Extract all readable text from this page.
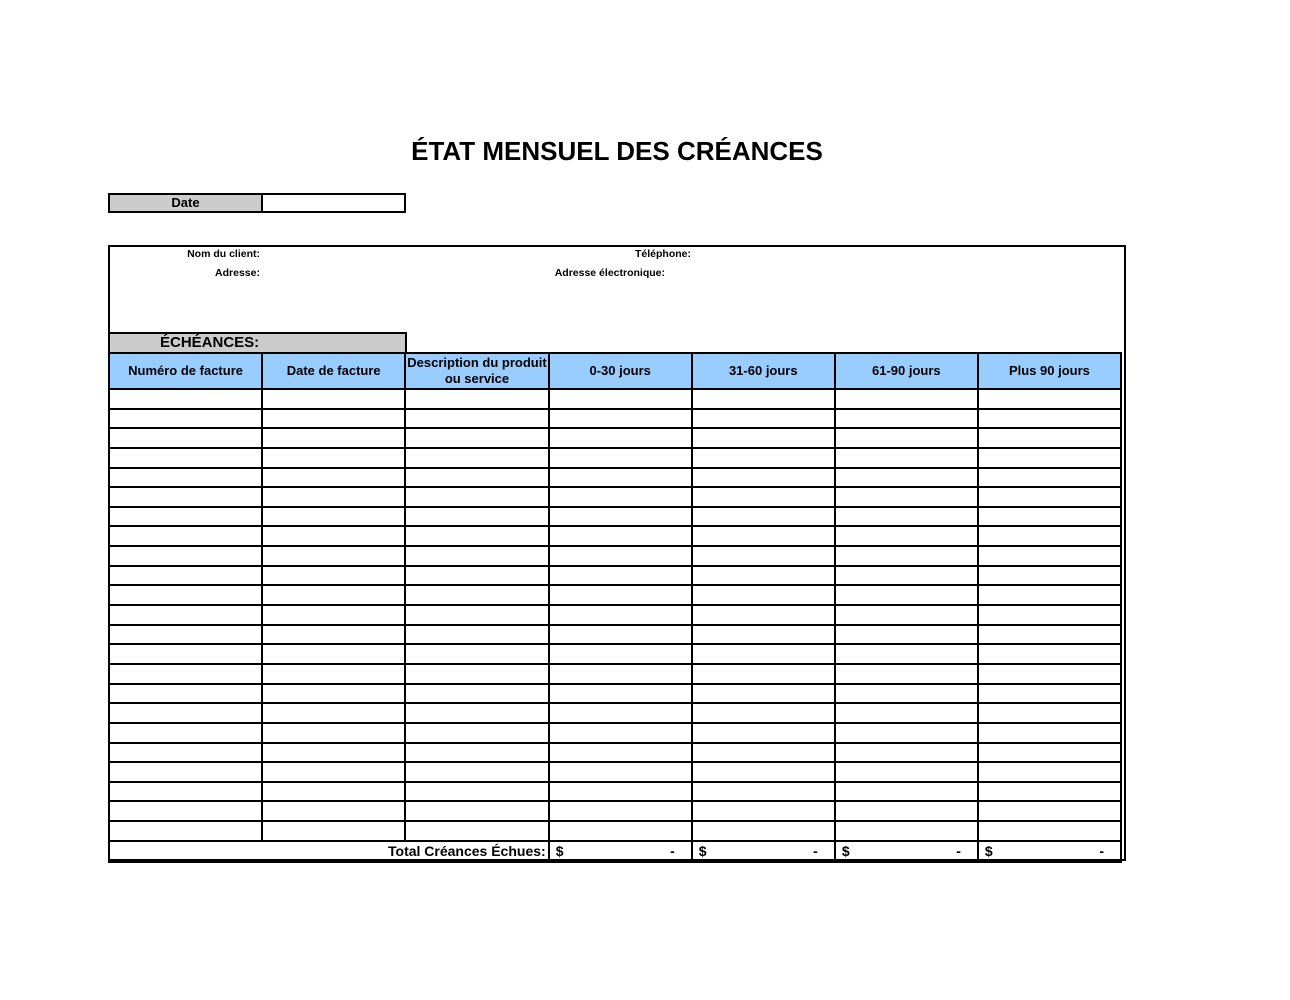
ÉTAT MENSUEL DES CRÉANCES
Date
Nom du client:
Adresse:
Téléphone:
Adresse électronique:
ÉCHÉANCES:
Numéro de facture	Date de facture	Description du produit ou service	0-30 jours	31-60 jours	61-90 jours	Plus 90 jours

Total Créances Échues:			$ -	$ -	$ -	$ -
